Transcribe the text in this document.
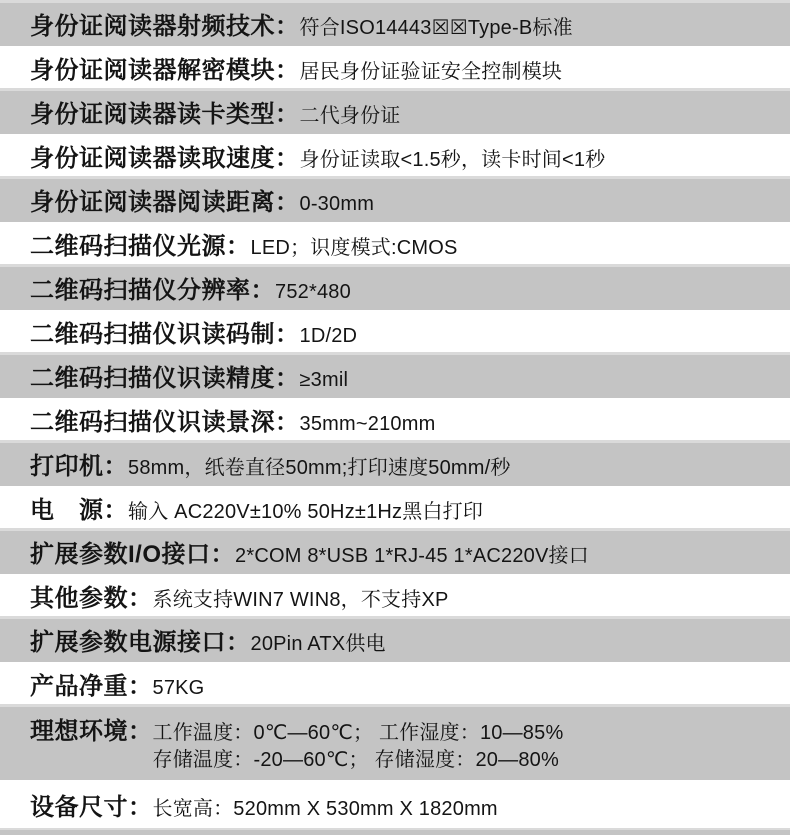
身份证阅读器射频技术： 符合ISO14443☒☒Type-B标准

身份证阅读器解密模块： 居民身份证验证安全控制模块

身份证阅读器读卡类型： 二代身份证

身份证阅读器读取速度： 身份证读取<1.5秒，读卡时间<1秒

身份证阅读器阅读距离： 0-30mm

二维码扫描仪光源： LED；识度模式:CMOS

二维码扫描仪分辨率： 752*480

二维码扫描仪识读码制： 1D/2D

二维码扫描仪识读精度： ≥3mil

二维码扫描仪识读景深： 35mm~210mm

打印机： 58mm，纸卷直径50mm;打印速度50mm/秒

电　源： 输入 AC220V±10% 50Hz±1Hz黑白打印

扩展参数I/O接口： 2*COM 8*USB 1*RJ-45 1*AC220V接口

其他参数： 系统支持WIN7 WIN8，不支持XP

扩展参数电源接口： 20Pin ATX供电

产品净重： 57KG

理想环境： 工作温度：0℃—60℃； 工作湿度：10—85%
存储温度：-20—60℃； 存储湿度：20—80%

设备尺寸： 长宽高：520mm X 530mm X 1820mm
